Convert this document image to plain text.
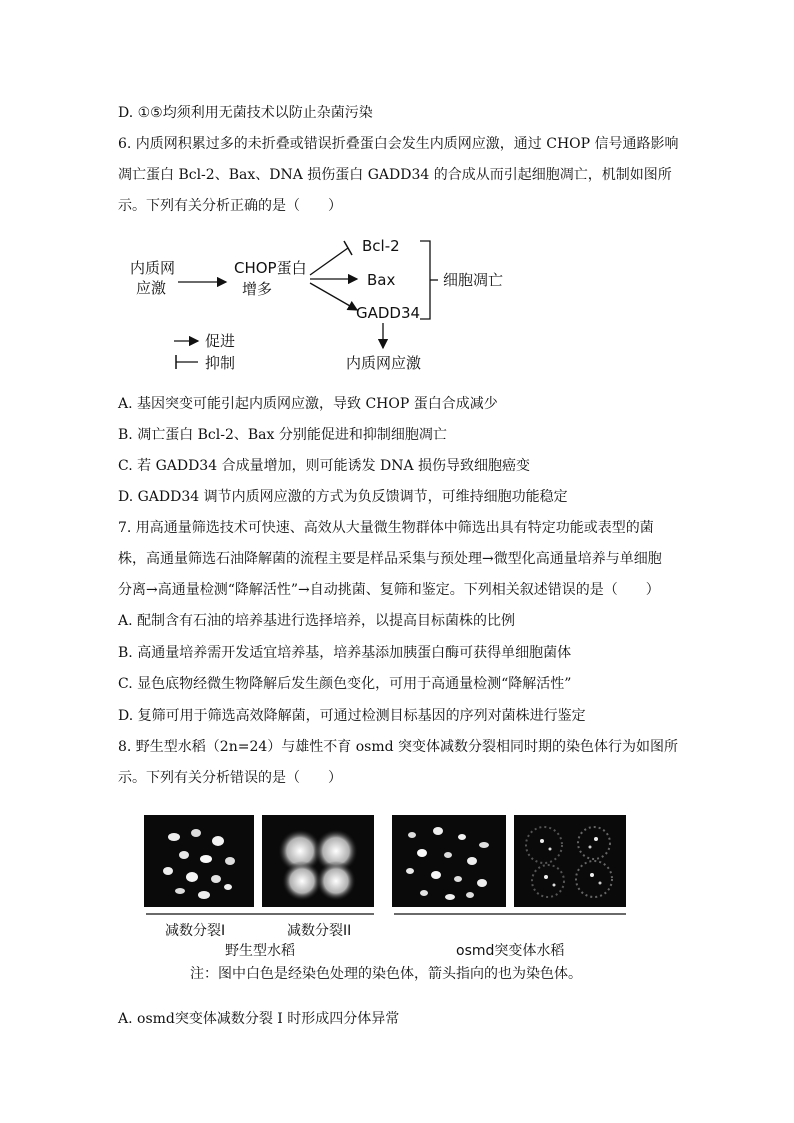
D. ①⑤均须利用无菌技术以防止杂菌污染
6. 内质网积累过多的未折叠或错误折叠蛋白会发生内质网应激，通过 CHOP 信号通路影响
凋亡蛋白 Bcl-2、Bax、DNA 损伤蛋白 GADD34 的合成从而引起细胞凋亡，机制如图所
示。下列有关分析正确的是（　　）
内质网
应激
CHOP蛋白
增多
Bcl-2
Bax
GADD34
细胞凋亡
内质网应激
促进
抑制
A. 基因突变可能引起内质网应激，导致 CHOP 蛋白合成减少
B. 凋亡蛋白 Bcl-2、Bax 分别能促进和抑制细胞凋亡
C. 若 GADD34 合成量增加，则可能诱发 DNA 损伤导致细胞癌变
D. GADD34 调节内质网应激的方式为负反馈调节，可维持细胞功能稳定
7. 用高通量筛选技术可快速、高效从大量微生物群体中筛选出具有特定功能或表型的菌
株，高通量筛选石油降解菌的流程主要是样品采集与预处理→微型化高通量培养与单细胞
分离→高通量检测“降解活性”→自动挑菌、复筛和鉴定。下列相关叙述错误的是（　　）
A. 配制含有石油的培养基进行选择培养，以提高目标菌株的比例
B. 高通量培养需开发适宜培养基，培养基添加胰蛋白酶可获得单细胞菌体
C. 显色底物经微生物降解后发生颜色变化，可用于高通量检测“降解活性”
D. 复筛可用于筛选高效降解菌，可通过检测目标基因的序列对菌株进行鉴定
8. 野生型水稻（2n=24）与雄性不育 osmd 突变体减数分裂相同时期的染色体行为如图所
示。下列有关分析错误的是（　　）
减数分裂I	减数分裂II
野生型水稻	osmd突变体水稻
注：图中白色是经染色处理的染色体，箭头指向的也为染色体。
A. osmd突变体减数分裂 I 时形成四分体异常
